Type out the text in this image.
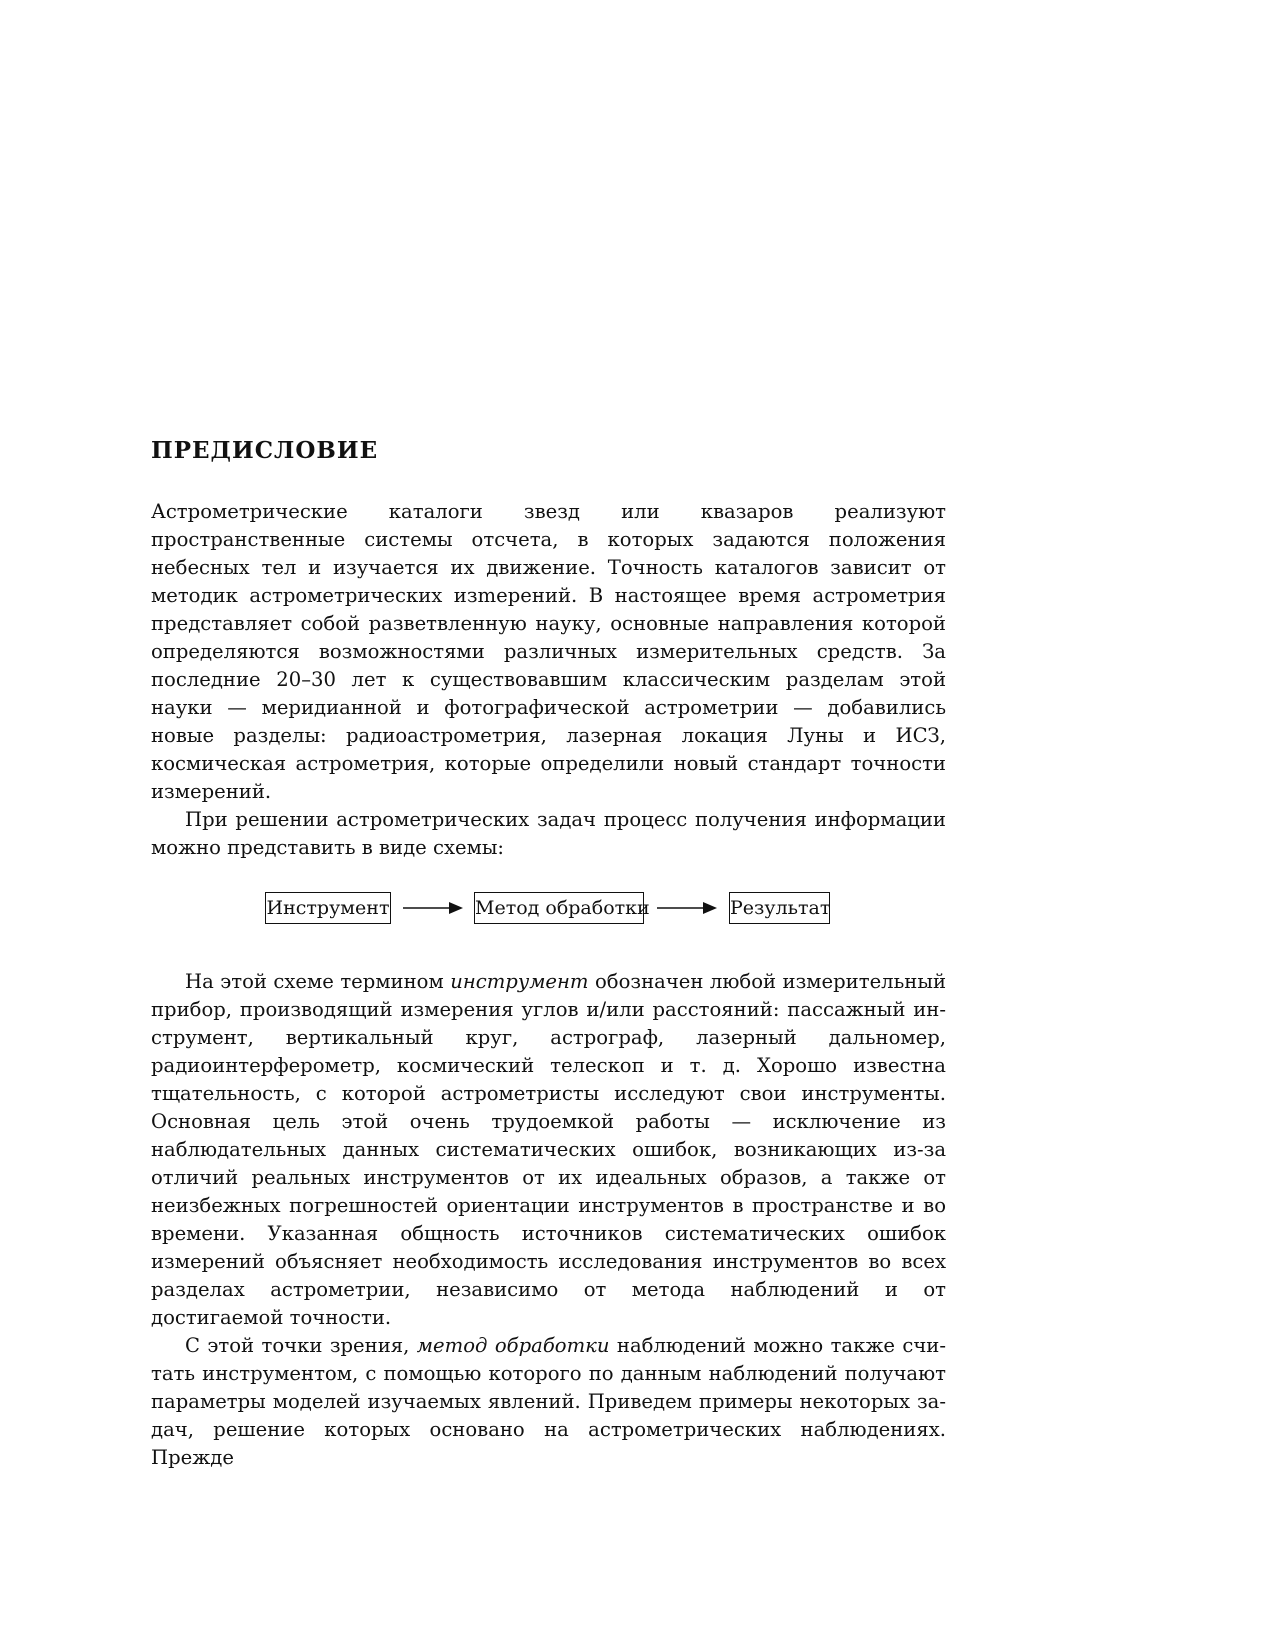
ПРЕДИСЛОВИЕ

Астрометрические каталоги звезд или квазаров реализуют пространственные системы отсчета, в которых задаются положения небесных тел и изучается их движение. Точность каталогов зависит от методик астрометрических изmерений. В настоящее время астрометрия представляет собой разветвленную науку, основные направления которой определяются возможностями различных измерительных средств. За последние 20–30 лет к существовавшим классическим разделам этой науки — меридианной и фотографической астрометрии — добавились новые разделы: радиоастрометрия, лазерная локация Луны и ИСЗ, космическая астрометрия, которые определили новый стандарт точности измерений.

При решении астрометрических задач процесс получения информации можно представить в виде схемы:

Инструмент	Метод обработки	Результат

На этой схеме термином инструмент обозначен любой измерительный прибор, производящий измерения углов и/или расстояний: пассажный инструмент, вертикальный круг, астрограф, лазерный дальномер, радиоинтерферометр, космический телескоп и т. д. Хорошо известна тщательность, с которой астрометристы исследуют свои инструменты. Основная цель этой очень трудоемкой работы — исключение из наблюдательных данных систематических ошибок, возникающих из-за отличий реальных инструментов от их идеальных образов, а также от неизбежных погрешностей ориентации инструментов в пространстве и во времени. Указанная общность источников систематических ошибок измерений объясняет необходимость исследования инструментов во всех разделах астрометрии, независимо от метода наблюдений и от достигаемой точности.

С этой точки зрения, метод обработки наблюдений можно также считать инструментом, с помощью которого по данным наблюдений получают параметры моделей изучаемых явлений. Приведем примеры некоторых задач, решение которых основано на астрометрических наблюдениях. Прежде
